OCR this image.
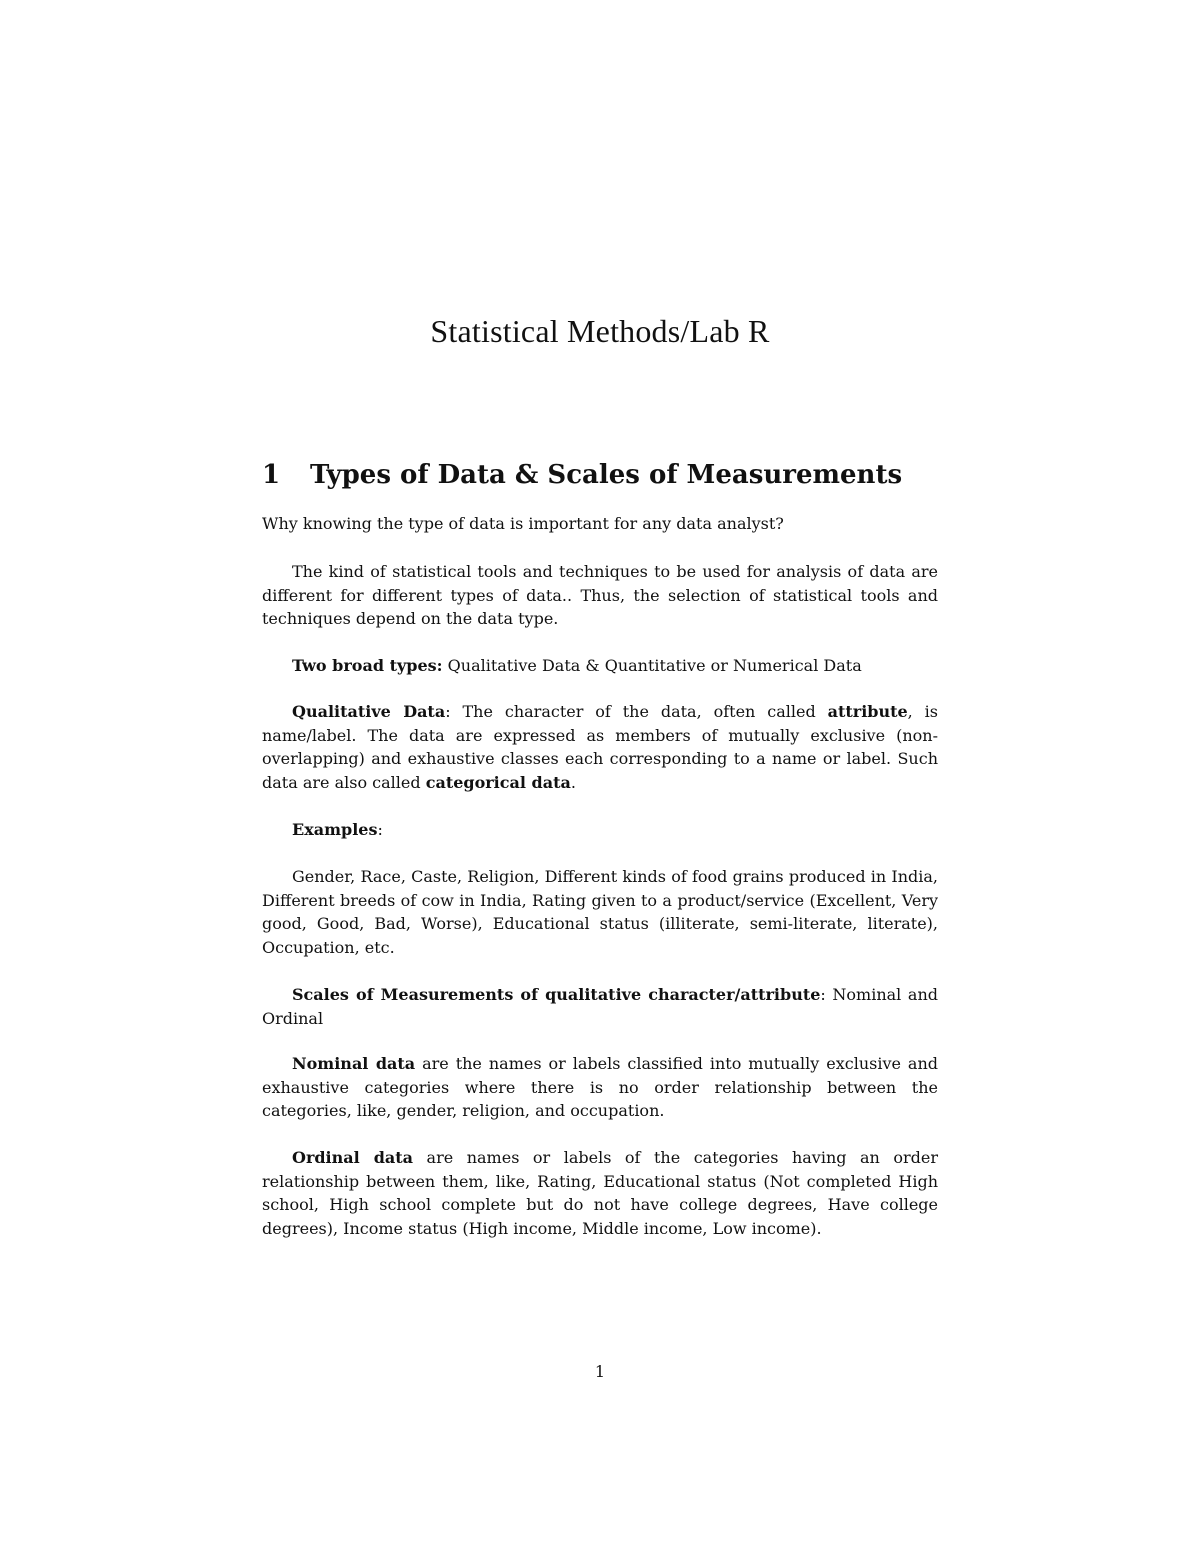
Statistical Methods/Lab R
1 Types of Data & Scales of Measurements

Why knowing the type of data is important for any data analyst?

The kind of statistical tools and techniques to be used for analysis of data are different for different types of data.. Thus, the selection of statistical tools and techniques depend on the data type.

Two broad types: Qualitative Data & Quantitative or Numerical Data

Qualitative Data: The character of the data, often called attribute, is name/label. The data are expressed as members of mutually exclusive (non-overlapping) and exhaustive classes each corresponding to a name or label. Such data are also called categorical data.

Examples:

Gender, Race, Caste, Religion, Different kinds of food grains produced in India, Different breeds of cow in India, Rating given to a product/service (Excellent, Very good, Good, Bad, Worse), Educational status (illiterate, semi-literate, literate), Occupation, etc.

Scales of Measurements of qualitative character/attribute: Nominal and Ordinal

Nominal data are the names or labels classified into mutually exclusive and exhaustive categories where there is no order relationship between the categories, like, gender, religion, and occupation.

Ordinal data are names or labels of the categories having an order relationship between them, like, Rating, Educational status (Not completed High school, High school complete but do not have college degrees, Have college degrees), Income status (High income, Middle income, Low income).

1
